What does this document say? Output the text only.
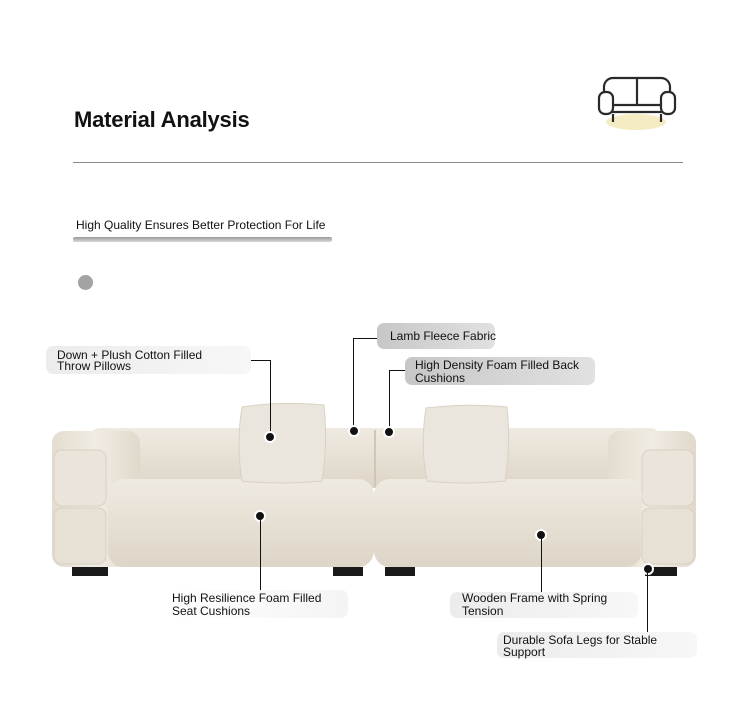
Material Analysis
High Quality Ensures Better Protection For Life
Lamb Fleece Fabric
High Density Foam Filled Back
Cushions
Down + Plush Cotton Filled
Throw Pillows
High Resilience Foam Filled
Seat Cushions
Wooden Frame with Spring
Tension
Durable Sofa Legs for Stable
Support
